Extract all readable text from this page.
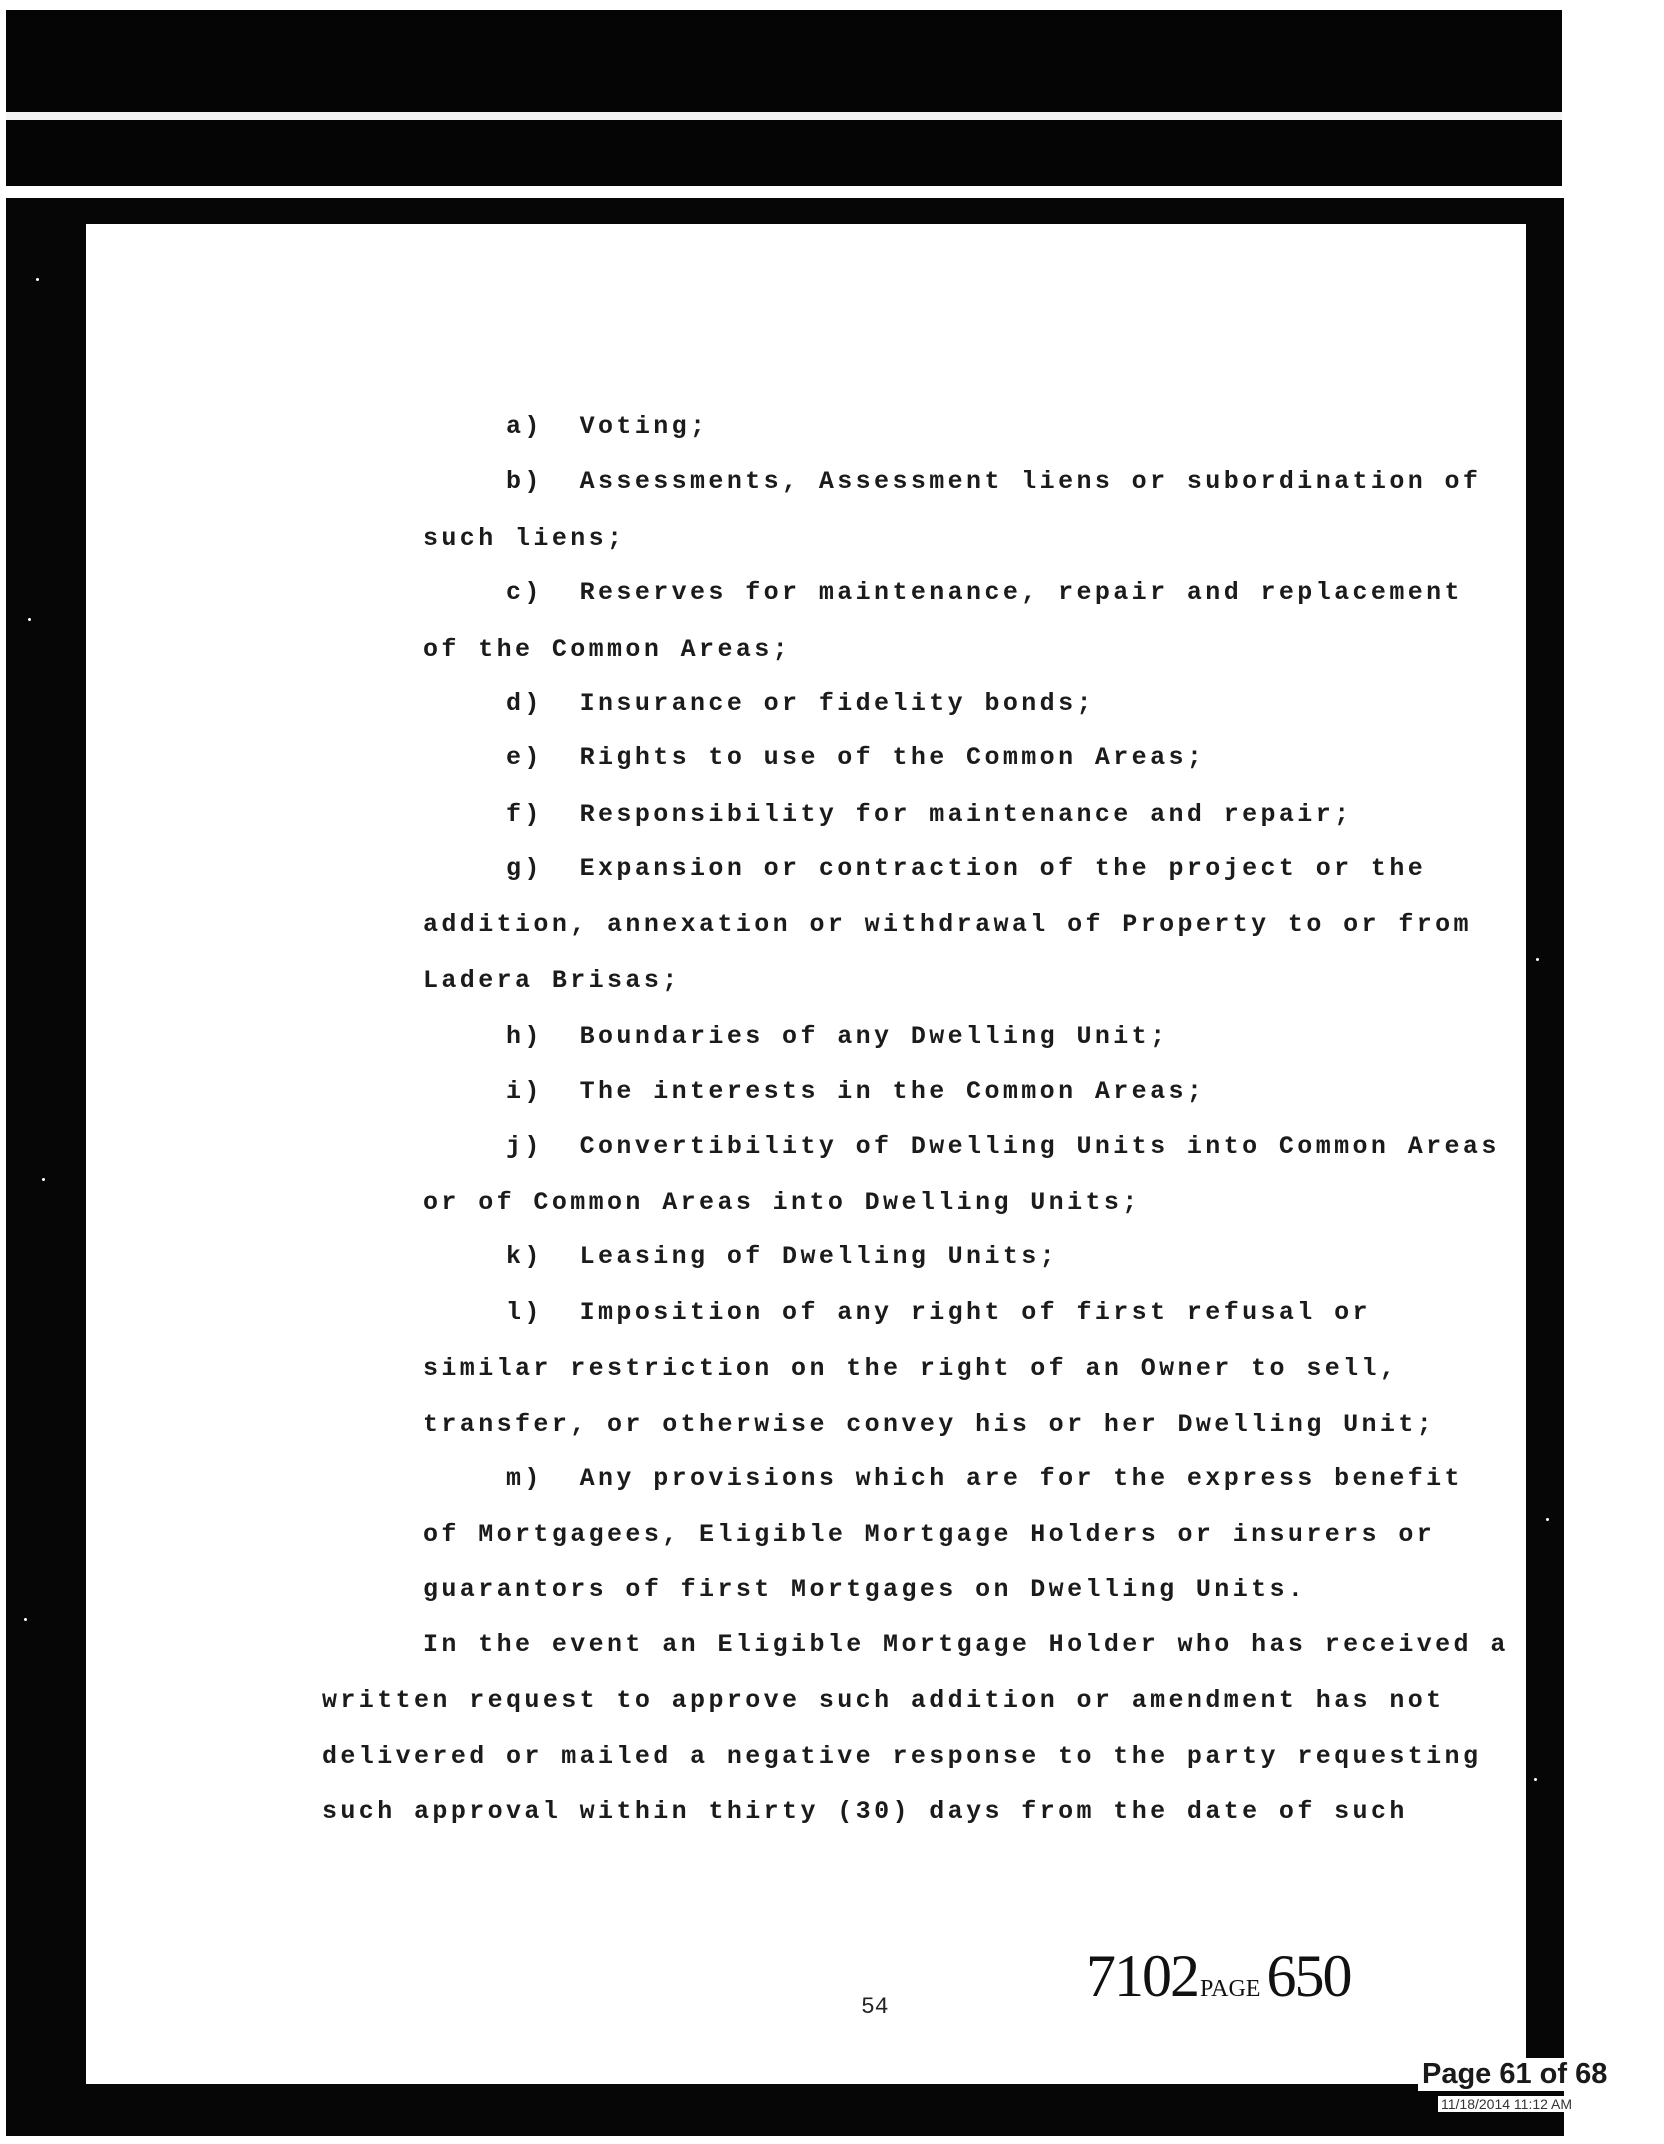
a)  Voting;
b)  Assessments, Assessment liens or subordination of
such liens;
c)  Reserves for maintenance, repair and replacement
of the Common Areas;
d)  Insurance or fidelity bonds;
e)  Rights to use of the Common Areas;
f)  Responsibility for maintenance and repair;
g)  Expansion or contraction of the project or the
addition, annexation or withdrawal of Property to or from
Ladera Brisas;
h)  Boundaries of any Dwelling Unit;
i)  The interests in the Common Areas;
j)  Convertibility of Dwelling Units into Common Areas
or of Common Areas into Dwelling Units;
k)  Leasing of Dwelling Units;
l)  Imposition of any right of first refusal or
similar restriction on the right of an Owner to sell,
transfer, or otherwise convey his or her Dwelling Unit;
m)  Any provisions which are for the express benefit
of Mortgagees, Eligible Mortgage Holders or insurers or
guarantors of first Mortgages on Dwelling Units.
In the event an Eligible Mortgage Holder who has received a
written request to approve such addition or amendment has not
delivered or mailed a negative response to the party requesting
such approval within thirty (30) days from the date of such
7102PAGE 650
54
Page 61 of 68
11/18/2014 11:12 AM
